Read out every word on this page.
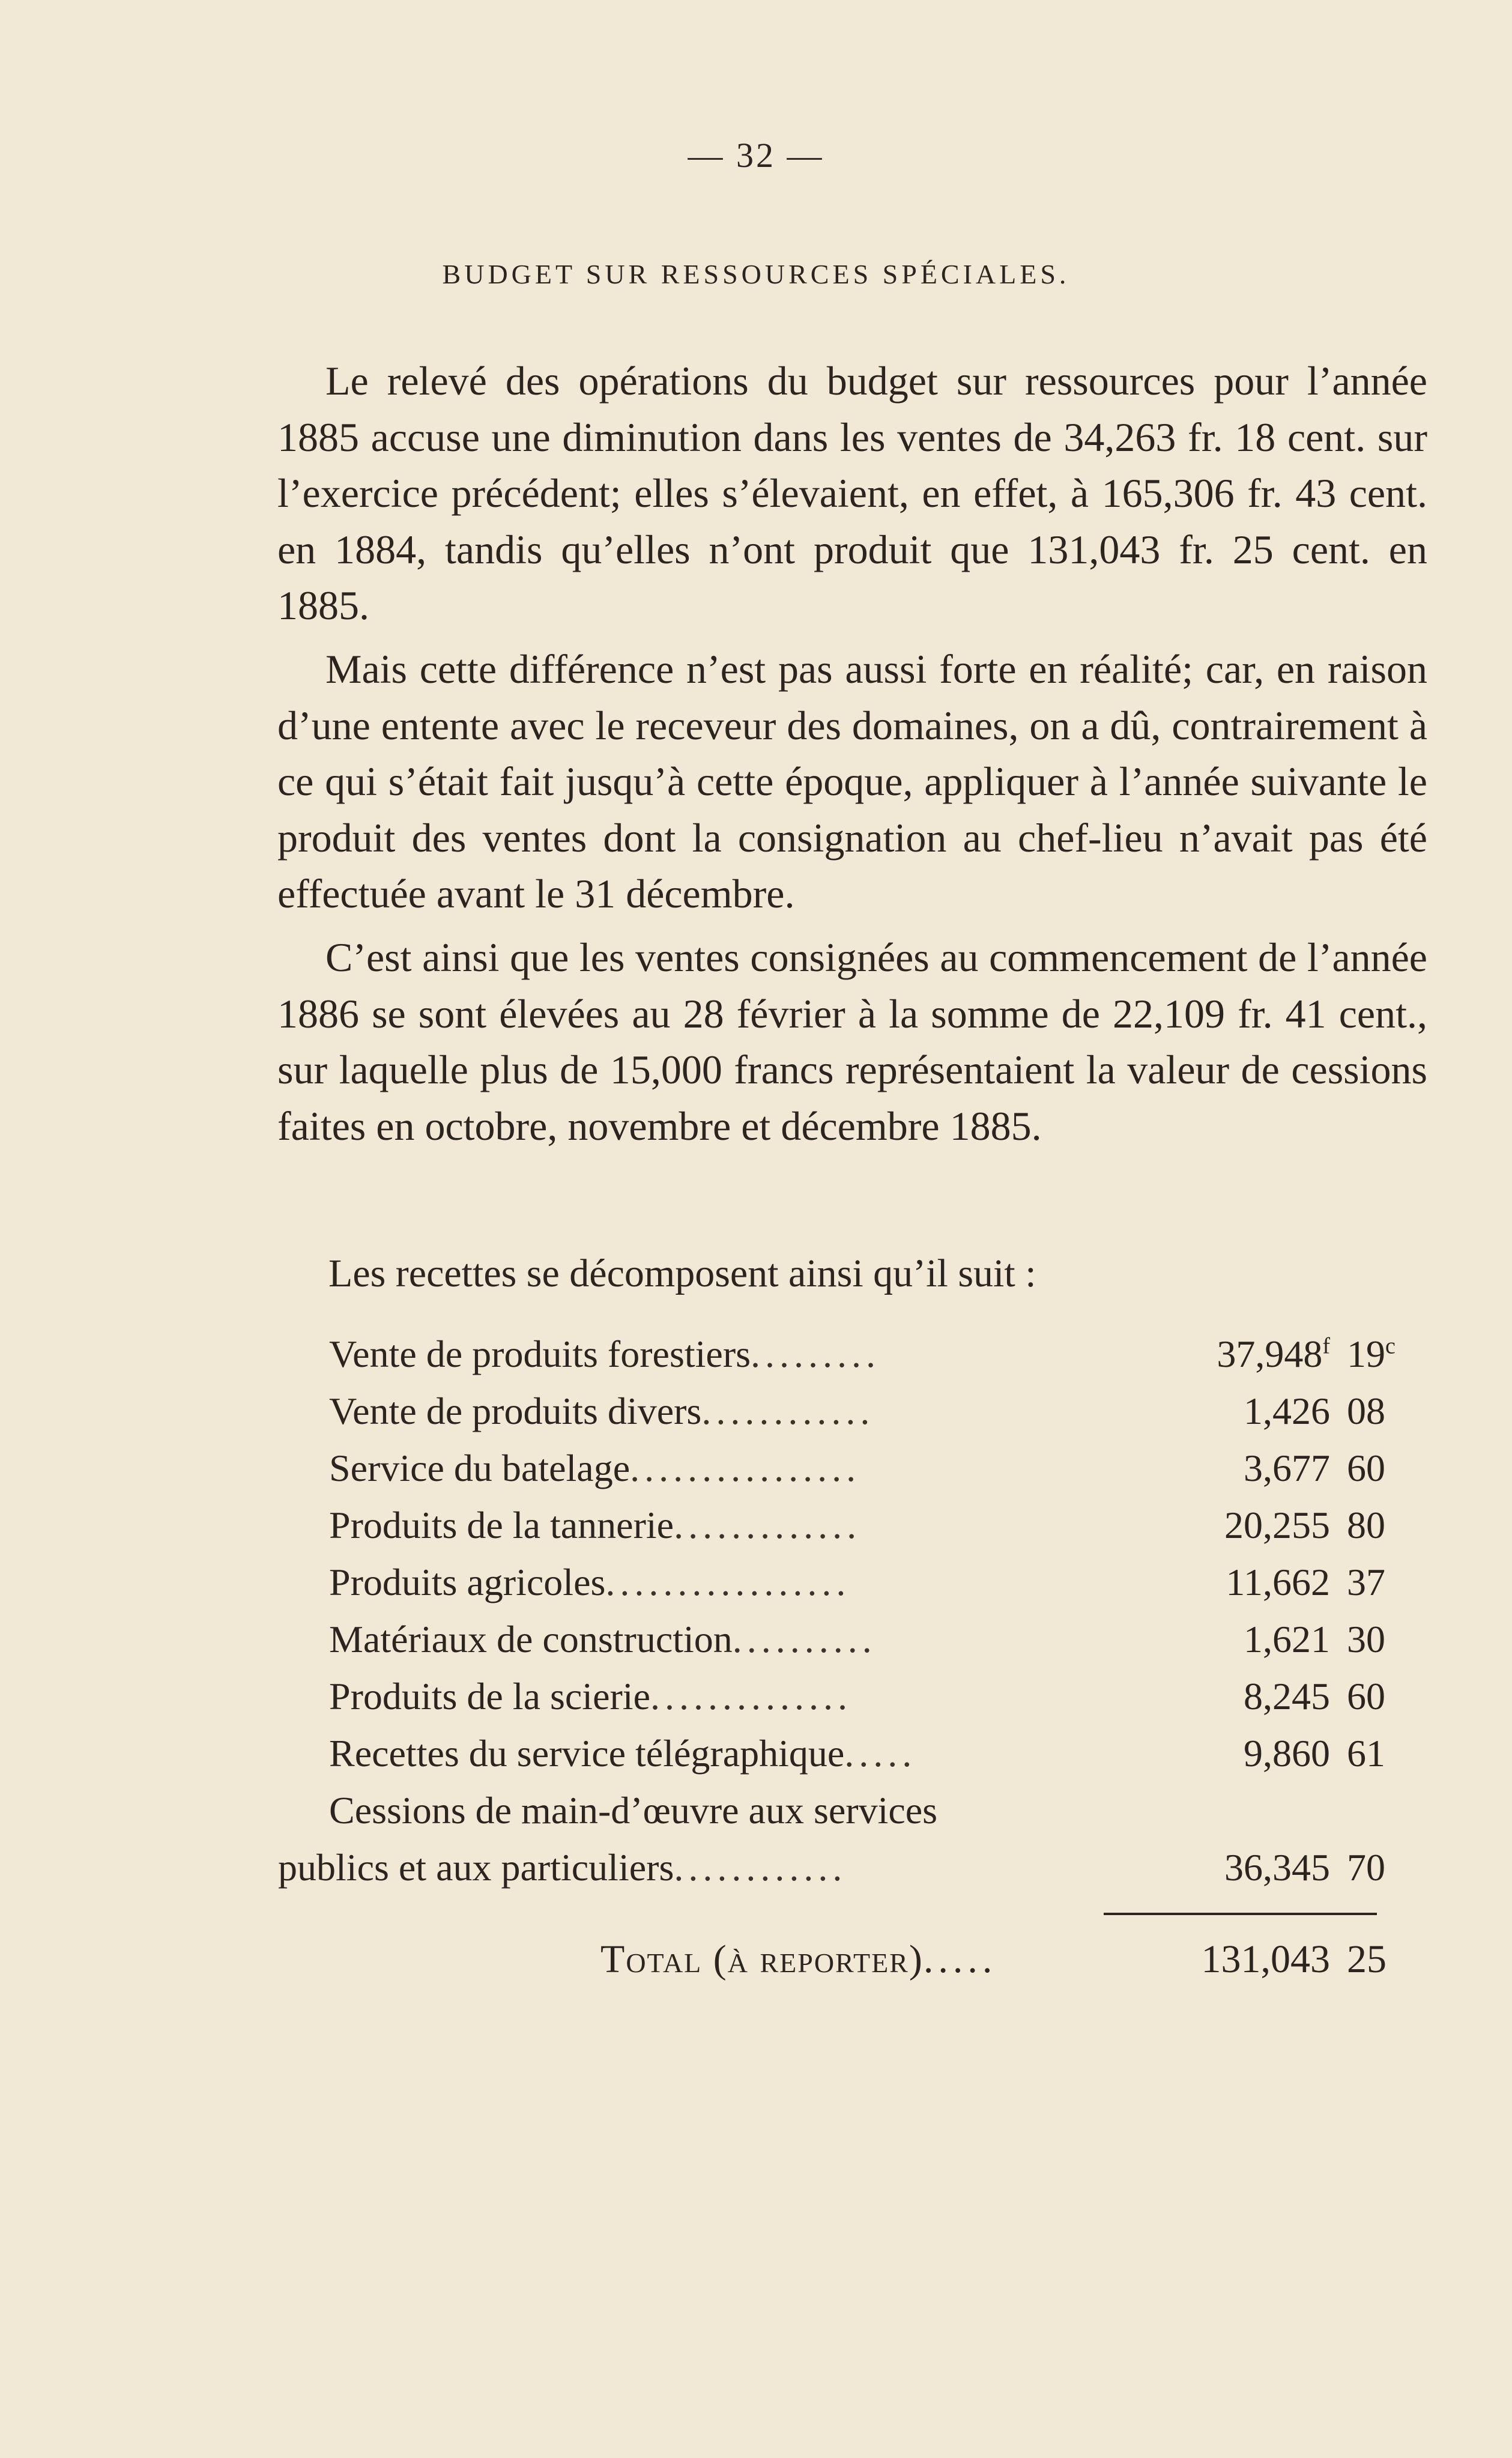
— 32 —
BUDGET SUR RESSOURCES SPÉCIALES.

Le relevé des opérations du budget sur ressources pour l’année 1885 accuse une diminution dans les ventes de 34,263 fr. 18 cent. sur l’exercice précédent; elles s’élevaient, en effet, à 165,306 fr. 43 cent. en 1884, tandis qu’elles n’ont produit que 131,043 fr. 25 cent. en 1885.

Mais cette différence n’est pas aussi forte en réalité; car, en raison d’une entente avec le receveur des domaines, on a dû, contrairement à ce qui s’était fait jusqu’à cette époque, appliquer à l’année suivante le produit des ventes dont la consignation au chef-lieu n’avait pas été effectuée avant le 31 décembre.

C’est ainsi que les ventes consignées au commencement de l’année 1886 se sont élevées au 28 février à la somme de 22,109 fr. 41 cent., sur laquelle plus de 15,000 francs représentaient la valeur de cessions faites en octobre, novembre et décembre 1885.

Les recettes se décomposent ainsi qu’il suit :
Vente de produits forestiers.........	37,948$^f$ 19$^c$
Vente de produits divers............	1,426 08
Service du batelage................	3,677 60
Produits de la tannerie.............	20,255 80
Produits agricoles.................	11,662 37
Matériaux de construction..........	1,621 30
Produits de la scierie..............	8,245 60
Recettes du service télégraphique.....	9,860 61
Cessions de main-d’œuvre aux services
publics et aux particuliers............	36,345 70
Total (à reporter).....	131,043 25
